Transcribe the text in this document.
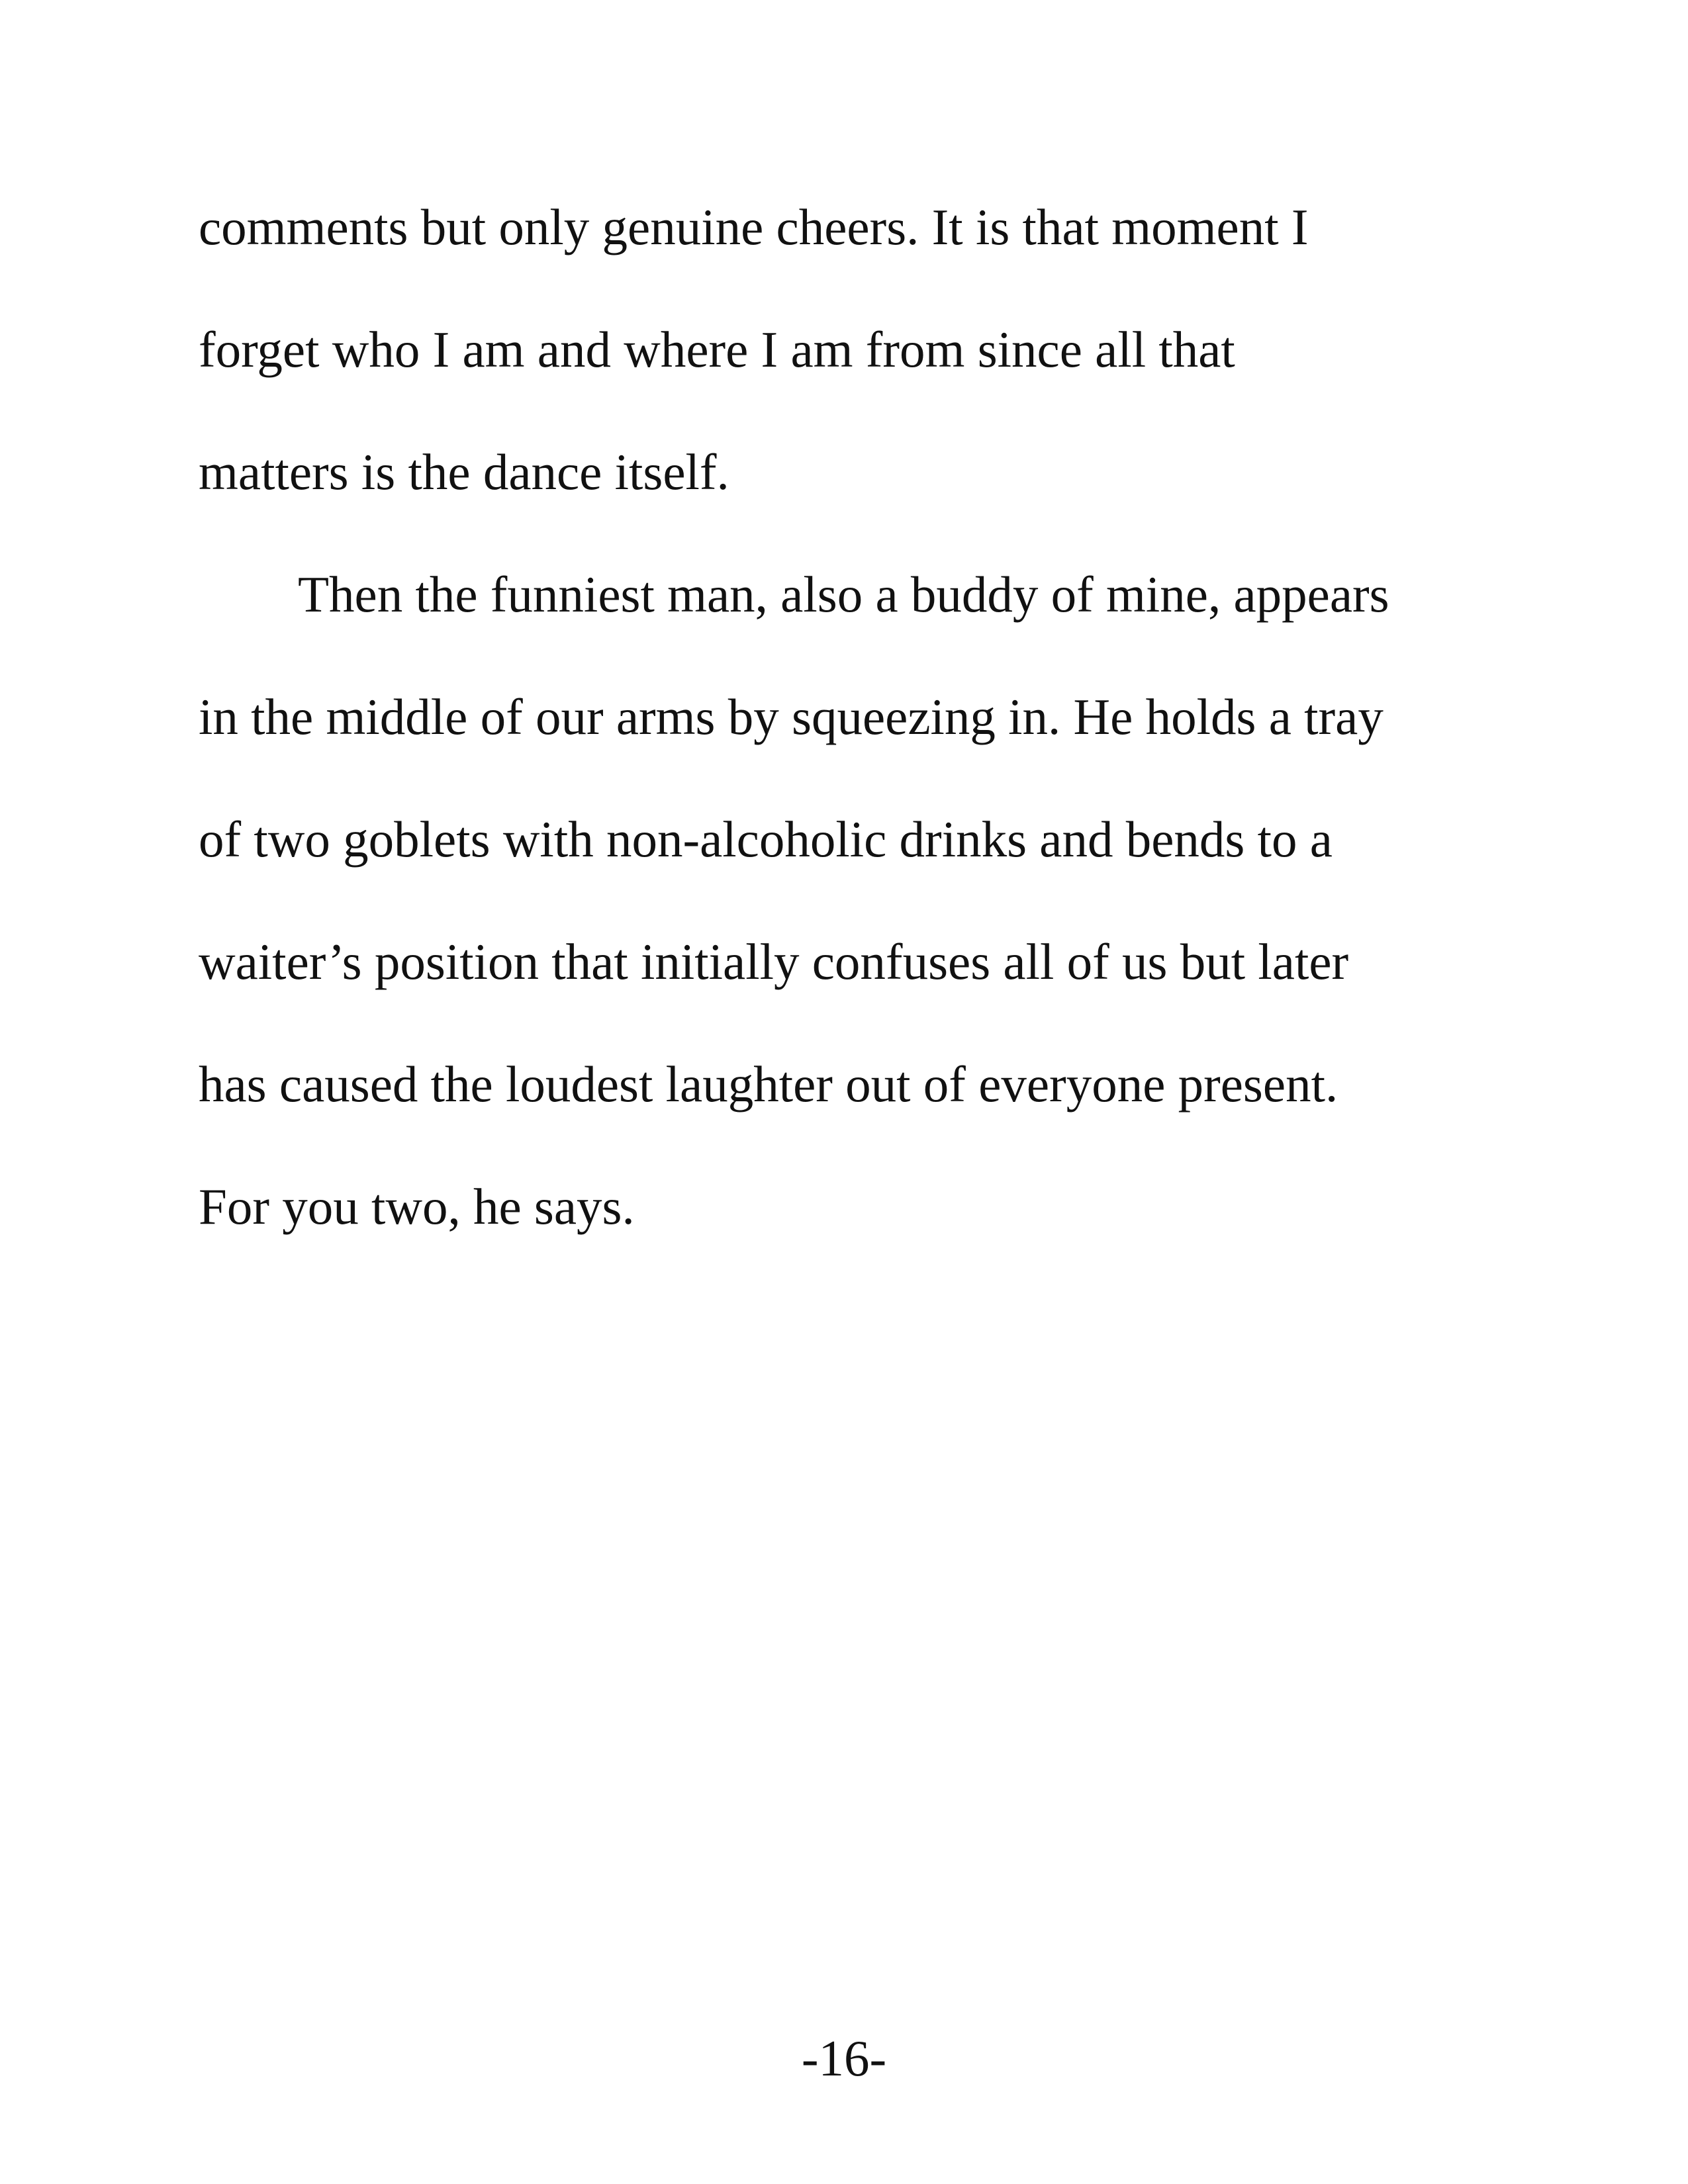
comments but only genuine cheers. It is that moment I

forget who I am and where I am from since all that

matters is the dance itself.

Then the funniest man, also a buddy of mine, appears

in the middle of our arms by squeezing in. He holds a tray

of two goblets with non-alcoholic drinks and bends to a

waiter’s position that initially confuses all of us but later

has caused the loudest laughter out of everyone present.

For you two, he says.

-16-
